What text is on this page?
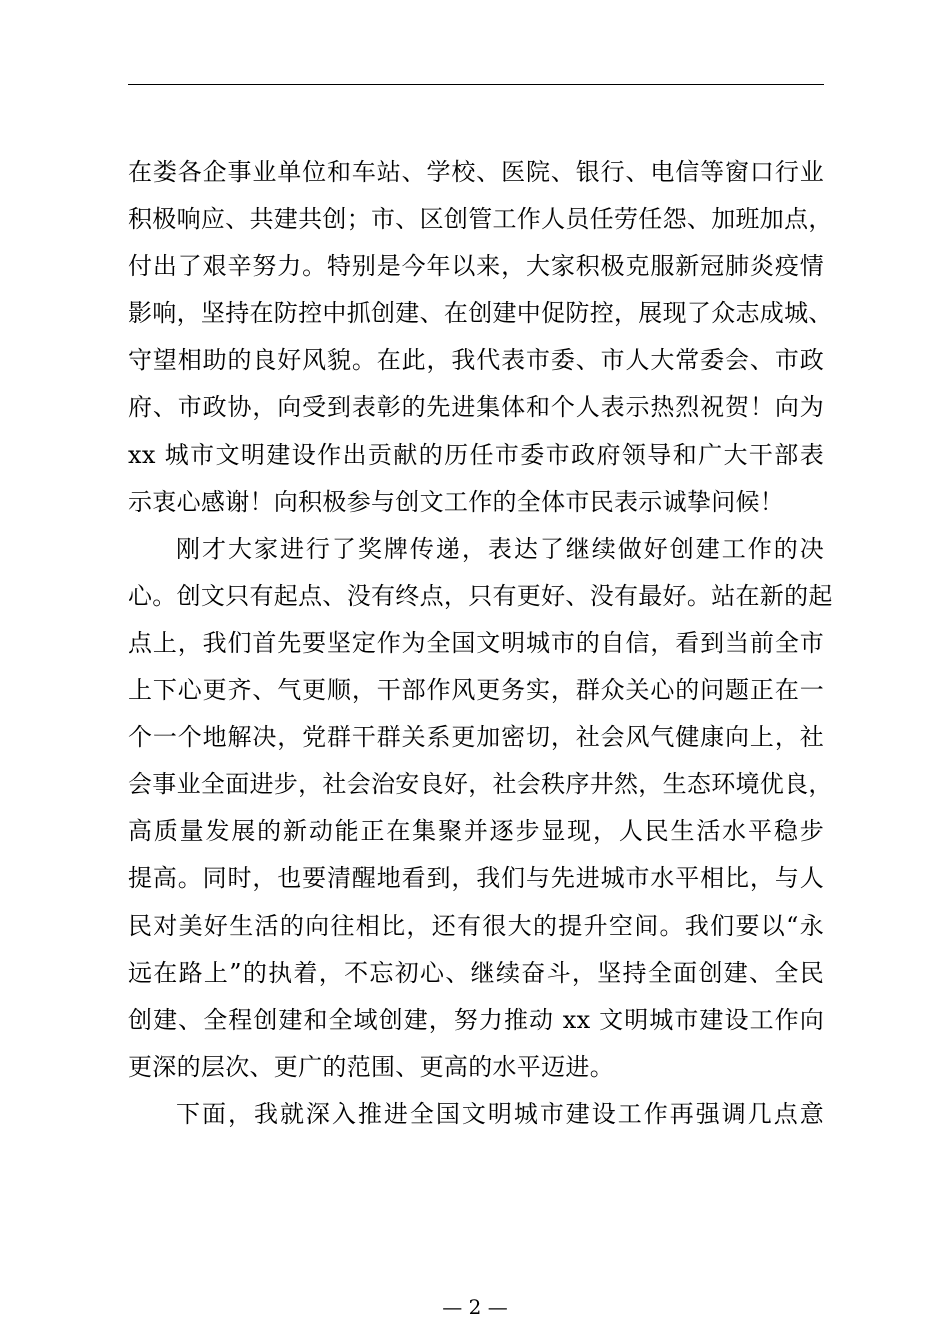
在娄各企事业单位和车站、学校、医院、银行、电信等窗口行业
积极响应、共建共创；市、区创管工作人员任劳任怨、加班加点，
付出了艰辛努力。特别是今年以来，大家积极克服新冠肺炎疫情
影响，坚持在防控中抓创建、在创建中促防控，展现了众志成城、
守望相助的良好风貌。在此，我代表市委、市人大常委会、市政
府、市政协，向受到表彰的先进集体和个人表示热烈祝贺！向为
xx 城市文明建设作出贡献的历任市委市政府领导和广大干部表
示衷心感谢！向积极参与创文工作的全体市民表示诚挚问候！
刚才大家进行了奖牌传递，表达了继续做好创建工作的决
心。创文只有起点、没有终点，只有更好、没有最好。站在新的起
点上，我们首先要坚定作为全国文明城市的自信，看到当前全市
上下心更齐、气更顺，干部作风更务实，群众关心的问题正在一
个一个地解决，党群干群关系更加密切，社会风气健康向上，社
会事业全面进步，社会治安良好，社会秩序井然，生态环境优良，
高质量发展的新动能正在集聚并逐步显现，人民生活水平稳步
提高。同时，也要清醒地看到，我们与先进城市水平相比，与人
民对美好生活的向往相比，还有很大的提升空间。我们要以“永
远在路上”的执着，不忘初心、继续奋斗，坚持全面创建、全民
创建、全程创建和全域创建，努力推动 xx 文明城市建设工作向
更深的层次、更广的范围、更高的水平迈进。
下面，我就深入推进全国文明城市建设工作再强调几点意
— 2 —
